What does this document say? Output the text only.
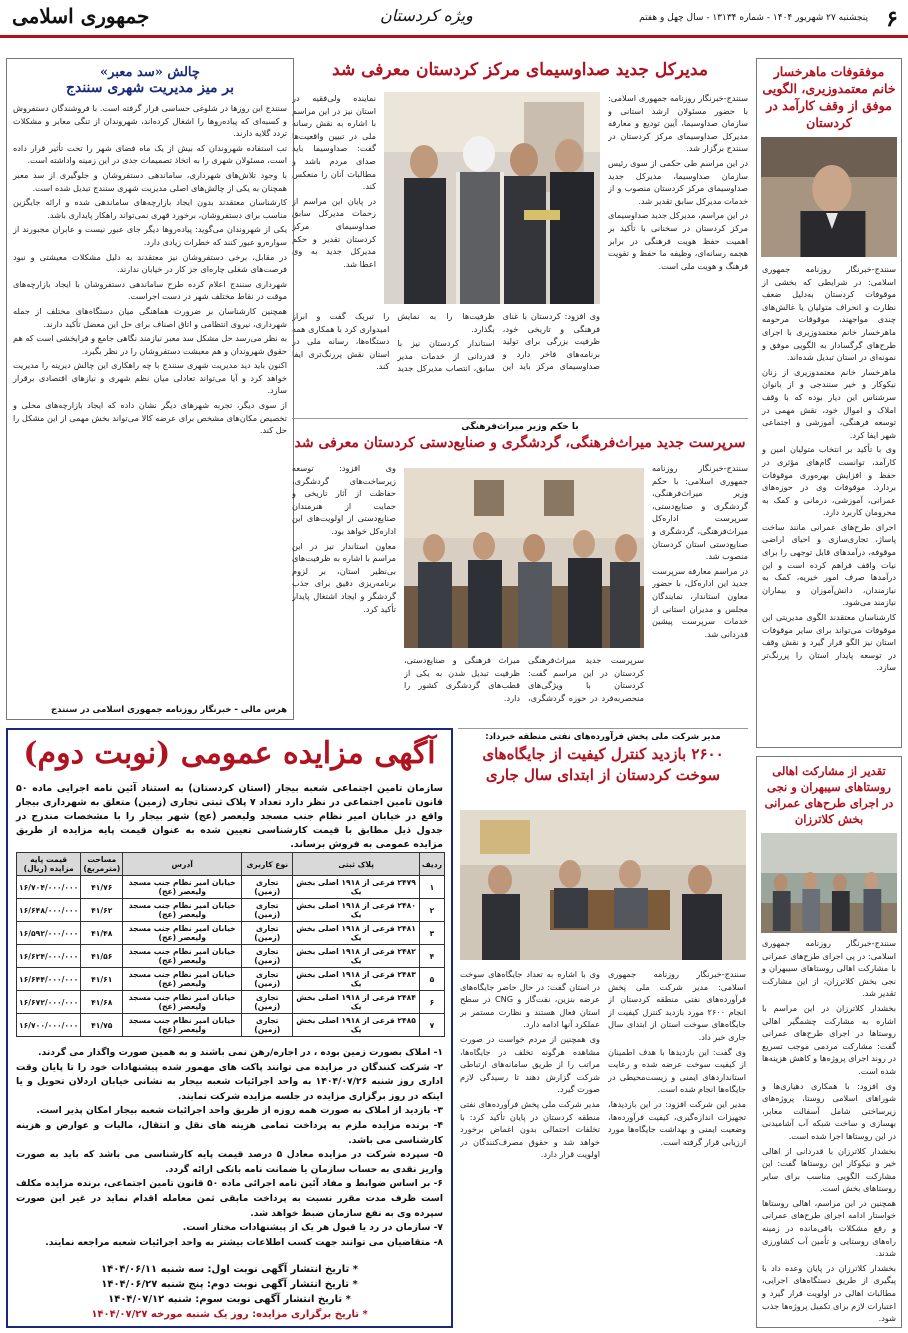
۶
پنجشنبه ۲۷ شهریور ۱۴۰۴ - شماره ۱۳۱۳۴ - سال چهل و هفتم
ویژه کردستان
جمهوری اسلامی
موفقوفات ماهرخسار خانم معتمدوزیری، الگویی موفق از وقف کارآمد در کردستان

سنندج-خبرنگار روزنامه جمهوری اسلامی: در شرایطی که بخشی از موقوفات کردستان به‌دلیل ضعف نظارت و انحراف متولیان یا غالش‌های چندی مواجهند، موقوفات مرحومه ماهرخسار خانم معتمدوزیری با اجرای طرح‌های گرگسادار به الگویی موفق و نمونه‌ای در استان تبدیل شده‌اند.

ماهرخسار خانم معتمدوزیری از زنان نیکوکار و خیر سنندجی و از بانوان سرشناس این دیار بوده که با وقف املاک و اموال خود، نقش مهمی در توسعه فرهنگی، آموزشی و اجتماعی شهر ایفا کرد.

وی با تأکید بر انتخاب متولیان امین و کارآمد، توانست گام‌های مؤثری در حفظ و افزایش بهره‌وری موقوفات بردارد. موقوفات وی در حوزه‌های عمرانی، آموزشی، درمانی و کمک به محرومان کاربرد دارد.

اجرای طرح‌های عمرانی مانند ساخت پاساژ، تجاری‌سازی و احیای اراضی موقوفه، درآمدهای قابل توجهی را برای نیات واقف فراهم کرده است و این درآمدها صرف امور خیریه، کمک به نیازمندان، دانش‌آموزان و بیماران نیازمند می‌شود.

کارشناسان معتقدند الگوی مدیریتی این موقوفات می‌تواند برای سایر موقوفات استان نیز الگو قرار گیرد و نقش وقف در توسعه پایدار استان را پررنگ‌تر سازد.

مدیرکل جدید صداوسیمای مرکز کردستان معرفی شد

سنندج-خبرنگار روزنامه جمهوری اسلامی: با حضور مسئولان ارشد استانی و سازمان صداوسیما، آیین تودیع و معارفه مدیرکل صداوسیمای مرکز کردستان در سنندج برگزار شد.

در این مراسم طی حکمی از سوی رئیس سازمان صداوسیما، مدیرکل جدید صداوسیمای مرکز کردستان منصوب و از خدمات مدیرکل سابق تقدیر شد.

در این مراسم، مدیرکل جدید صداوسیمای مرکز کردستان در سخنانی با تأکید بر اهمیت حفظ هویت فرهنگی در برابر هجمه رسانه‌ای، وظیفه ما حفظ و تقویت فرهنگ و هویت ملی است.

نماینده ولی‌فقیه در استان نیز در این مراسم با اشاره به نقش رسانه ملی در تبیین واقعیت‌ها گفت: صداوسیما باید صدای مردم باشد و مطالبات آنان را منعکس کند.

در پایان این مراسم از زحمات مدیرکل سابق صداوسیمای مرکز کردستان تقدیر و حکم مدیرکل جدید به وی اعطا شد.

وی افزود: کردستان با غنای فرهنگی و تاریخی خود، ظرفیت بزرگی برای تولید برنامه‌های فاخر دارد و صداوسیمای مرکز باید این ظرفیت‌ها را به نمایش بگذارد.

استاندار کردستان نیز با قدردانی از خدمات مدیر سابق، انتصاب مدیرکل جدید را تبریک گفت و ابراز امیدواری کرد با همکاری همه دستگاه‌ها، رسانه ملی در استان نقش پررنگ‌تری ایفا کند.

چالش «سد معبر»
بر میز مدیریت شهری سنندج

سنندج این روزها در شلوغی حساسی قرار گرفته است. با فروشندگان دستفروش و کسبه‌ای که پیاده‌روها را اشغال کرده‌اند، شهروندان از تنگی معابر و مشکلات تردد گلایه دارند.

تب استفاده شهروندان که بیش از یک ماه فضای شهر را تحت تأثیر قرار داده است، مسئولان شهری را به اتخاذ تصمیمات جدی در این زمینه واداشته است.

با وجود تلاش‌های شهرداری، ساماندهی دستفروشان و جلوگیری از سد معبر همچنان به یکی از چالش‌های اصلی مدیریت شهری سنندج تبدیل شده است.

کارشناسان معتقدند بدون ایجاد بازارچه‌های ساماندهی شده و ارائه جایگزین مناسب برای دستفروشان، برخورد قهری نمی‌تواند راهکار پایداری باشد.

یکی از شهروندان می‌گوید: پیاده‌روها دیگر جای عبور نیست و عابران مجبورند از سواره‌رو عبور کنند که خطرات زیادی دارد.

در مقابل، برخی دستفروشان نیز معتقدند به دلیل مشکلات معیشتی و نبود فرصت‌های شغلی چاره‌ای جز کار در خیابان ندارند.

شهرداری سنندج اعلام کرده طرح ساماندهی دستفروشان با ایجاد بازارچه‌های موقت در نقاط مختلف شهر در دست اجراست.

همچنین کارشناسان بر ضرورت هماهنگی میان دستگاه‌های مختلف از جمله شهرداری، نیروی انتظامی و اتاق اصناف برای حل این معضل تأکید دارند.

به نظر می‌رسد حل مشکل سد معبر نیازمند نگاهی جامع و فرابخشی است که هم حقوق شهروندان و هم معیشت دستفروشان را در نظر بگیرد.

اکنون باید دید مدیریت شهری سنندج با چه راهکاری این چالش دیرینه را مدیریت خواهد کرد و آیا می‌تواند تعادلی میان نظم شهری و نیازهای اقتصادی برقرار سازد.

از سوی دیگر، تجربه شهرهای دیگر نشان داده که ایجاد بازارچه‌های محلی و تخصیص مکان‌های مشخص برای عرضه کالا می‌تواند بخش مهمی از این مشکل را حل کند.

هرس مالی - خبرنگار روزنامه جمهوری اسلامی در سنندج
با حکم وزیر میراث‌فرهنگی
سرپرست جدید میراث‌فرهنگی، گردشگری و صنایع‌دستی کردستان معرفی شد

سنندج-خبرنگار روزنامه جمهوری اسلامی: با حکم وزیر میراث‌فرهنگی، گردشگری و صنایع‌دستی، سرپرست اداره‌کل میراث‌فرهنگی، گردشگری و صنایع‌دستی استان کردستان منصوب شد.

در مراسم معارفه سرپرست جدید این اداره‌کل، با حضور معاون استاندار، نمایندگان مجلس و مدیران استانی از خدمات سرپرست پیشین قدردانی شد.

سرپرست جدید میراث‌فرهنگی کردستان در این مراسم گفت: کردستان با ویژگی‌های منحصربه‌فرد در حوزه گردشگری، میراث فرهنگی و صنایع‌دستی، ظرفیت تبدیل شدن به یکی از قطب‌های گردشگری کشور را دارد.

وی افزود: توسعه زیرساخت‌های گردشگری، حفاظت از آثار تاریخی و حمایت از هنرمندان صنایع‌دستی از اولویت‌های این اداره‌کل خواهد بود.

معاون استاندار نیز در این مراسم با اشاره به ظرفیت‌های بی‌نظیر استان، بر لزوم برنامه‌ریزی دقیق برای جذب گردشگر و ایجاد اشتغال پایدار تأکید کرد.

مدیر شرکت ملی پخش فرآورده‌های نفتی منطقه خبرداد:
۲۶۰۰ بازدید کنترل کیفیت از جایگاه‌های سوخت کردستان از ابتدای سال جاری

سنندج-خبرنگار روزنامه جمهوری اسلامی: مدیر شرکت ملی پخش فرآورده‌های نفتی منطقه کردستان از انجام ۲۶۰۰ مورد بازدید کنترل کیفیت از جایگاه‌های سوخت استان از ابتدای سال جاری خبر داد.

وی گفت: این بازدیدها با هدف اطمینان از کیفیت سوخت عرضه شده و رعایت استانداردهای ایمنی و زیست‌محیطی در جایگاه‌ها انجام شده است.

مدیر این شرکت افزود: در این بازدیدها، تجهیزات اندازه‌گیری، کیفیت فرآورده‌ها، وضعیت ایمنی و بهداشت جایگاه‌ها مورد ارزیابی قرار گرفته است.

وی با اشاره به تعداد جایگاه‌های سوخت در استان گفت: در حال حاضر جایگاه‌های عرضه بنزین، نفت‌گاز و CNG در سطح استان فعال هستند و نظارت مستمر بر عملکرد آنها ادامه دارد.

وی همچنین از مردم خواست در صورت مشاهده هرگونه تخلف در جایگاه‌ها، مراتب را از طریق سامانه‌های ارتباطی شرکت گزارش دهند تا رسیدگی لازم صورت گیرد.

مدیر شرکت ملی پخش فرآورده‌های نفتی منطقه کردستان در پایان تأکید کرد: با تخلفات احتمالی بدون اغماض برخورد خواهد شد و حقوق مصرف‌کنندگان در اولویت قرار دارد.

تقدیر از مشارکت اهالی روستاهای سیبهران و نجی در اجرای طرح‌های عمرانی بخش کلاترزان

سنندج-خبرنگار روزنامه جمهوری اسلامی: در پی اجرای طرح‌های عمرانی با مشارکت اهالی روستاهای سیبهران و نجی بخش کلاترزان، از این مشارکت تقدیر شد.

بخشدار کلاترزان در این مراسم با اشاره به مشارکت چشمگیر اهالی روستاها در اجرای طرح‌های عمرانی گفت: مشارکت مردمی موجب تسریع در روند اجرای پروژه‌ها و کاهش هزینه‌ها شده است.

وی افزود: با همکاری دهیاری‌ها و شوراهای اسلامی روستا، پروژه‌های زیرساختی شامل آسفالت معابر، بهسازی و ساخت شبکه آب آشامیدنی در این روستاها اجرا شده است.

بخشدار کلاترزان با قدردانی از اهالی خیر و نیکوکار این روستاها گفت: این مشارکت الگویی مناسب برای سایر روستاهای بخش است.

همچنین در این مراسم، اهالی روستاها خواستار ادامه اجرای طرح‌های عمرانی و رفع مشکلات باقی‌مانده در زمینه راه‌های روستایی و تأمین آب کشاورزی شدند.

بخشدار کلاترزان در پایان وعده داد با پیگیری از طریق دستگاه‌های اجرایی، مطالبات اهالی در اولویت قرار گیرد و اعتبارات لازم برای تکمیل پروژه‌ها جذب شود.

آگهی مزایده عمومی (نوبت دوم)
سازمان تامین اجتماعی شعبه بیجار (استان کردستان) به استناد آئین نامه اجرایی ماده ۵۰ قانون تامین اجتماعی در نظر دارد تعداد ۷ پلاک ثبتی تجاری (زمین) متعلق به شهرداری بیجار واقع در خیابان امیر نظام جنب مسجد ولیعصر (عج) شهر بیجار را با مشخصات مندرج در جدول ذیل مطابق با قیمت کارشناسی تعیین شده به عنوان قیمت پایه مزایده از طریق مزایده عمومی به فروش برساند.
ردیف	پلاک ثبتی	نوع کاربری	آدرس	مساحت (مترمربع)	قیمت پایه مزایده (ریال)
۱	۲۴۷۹ فرعی از ۱۹۱۸ اصلی بخش یک	تجاری (زمین)	خیابان امیر نظام جنب مسجد ولیعصر (عج)	۴۱/۷۶	۱۶/۷۰۴/۰۰۰/۰۰۰
۲	۲۴۸۰ فرعی از ۱۹۱۸ اصلی بخش یک	تجاری (زمین)	خیابان امیر نظام جنب مسجد ولیعصر (عج)	۴۱/۶۲	۱۶/۶۴۸/۰۰۰/۰۰۰
۳	۲۴۸۱ فرعی از ۱۹۱۸ اصلی بخش یک	تجاری (زمین)	خیابان امیر نظام جنب مسجد ولیعصر (عج)	۴۱/۴۸	۱۶/۵۹۲/۰۰۰/۰۰۰
۴	۲۴۸۲ فرعی از ۱۹۱۸ اصلی بخش یک	تجاری (زمین)	خیابان امیر نظام جنب مسجد ولیعصر (عج)	۴۱/۵۶	۱۶/۶۲۴/۰۰۰/۰۰۰
۵	۲۴۸۳ فرعی از ۱۹۱۸ اصلی بخش یک	تجاری (زمین)	خیابان امیر نظام جنب مسجد ولیعصر (عج)	۴۱/۶۱	۱۶/۶۴۴/۰۰۰/۰۰۰
۶	۲۴۸۴ فرعی از ۱۹۱۸ اصلی بخش یک	تجاری (زمین)	خیابان امیر نظام جنب مسجد ولیعصر (عج)	۴۱/۶۸	۱۶/۶۷۲/۰۰۰/۰۰۰
۷	۲۴۸۵ فرعی از ۱۹۱۸ اصلی بخش یک	تجاری (زمین)	خیابان امیر نظام جنب مسجد ولیعصر (عج)	۴۱/۷۵	۱۶/۷۰۰/۰۰۰/۰۰۰

۱- املاک بصورت زمین بوده ، در اجاره/رهن نمی باشند و به همین صورت واگذار می گردند.

۲- شرکت کنندگان در مزایده می توانند پاکت های مهمور شده پیشنهادات خود را تا پایان وقت اداری روز شنبه ۱۴۰۴/۰۷/۲۶ به واحد اجرائیات شعبه بیجار به نشانی خیابان اردلان تحویل و یا اینکه در روز برگزاری مزایده در جلسه مزایده شرکت نمایند.

۳- بازدید از املاک به صورت همه روزه از طریق واحد اجرائیات شعبه بیجار امکان پذیر است.

۴- برنده مزایده ملزم به پرداخت تمامی هزینه های نقل و انتقال، مالیات و عوارض و هزینه کارشناسی می باشد.

۵- سپرده شرکت در مزایده معادل ۵ درصد قیمت پایه کارشناسی می باشد که باید به صورت واریز نقدی به حساب سازمان یا ضمانت نامه بانکی ارائه گردد.

۶- بر اساس ضوابط و مفاد آئین نامه اجرائی ماده ۵۰ قانون تامین اجتماعی، برنده مزایده مکلف است ظرف مدت مقرر نسبت به پرداخت مابقی ثمن معامله اقدام نماید در غیر این صورت سپرده وی به نفع سازمان ضبط خواهد شد.

۷- سازمان در رد یا قبول هر یک از پیشنهادات مختار است.

۸- متقاضیان می توانند جهت کسب اطلاعات بیشتر به واحد اجرائیات شعبه مراجعه نمایند.

* تاریخ انتشار آگهی نوبت اول: سه شنبه ۱۴۰۴/۰۶/۱۱
* تاریخ انتشار آگهی نوبت دوم: پنج شنبه ۱۴۰۴/۰۶/۲۷
* تاریخ انتشار آگهی نوبت سوم: شنبه ۱۴۰۴/۰۷/۱۲
* تاریخ برگزاری مزایده: روز یک شنبه مورخه ۱۴۰۴/۰۷/۲۷
